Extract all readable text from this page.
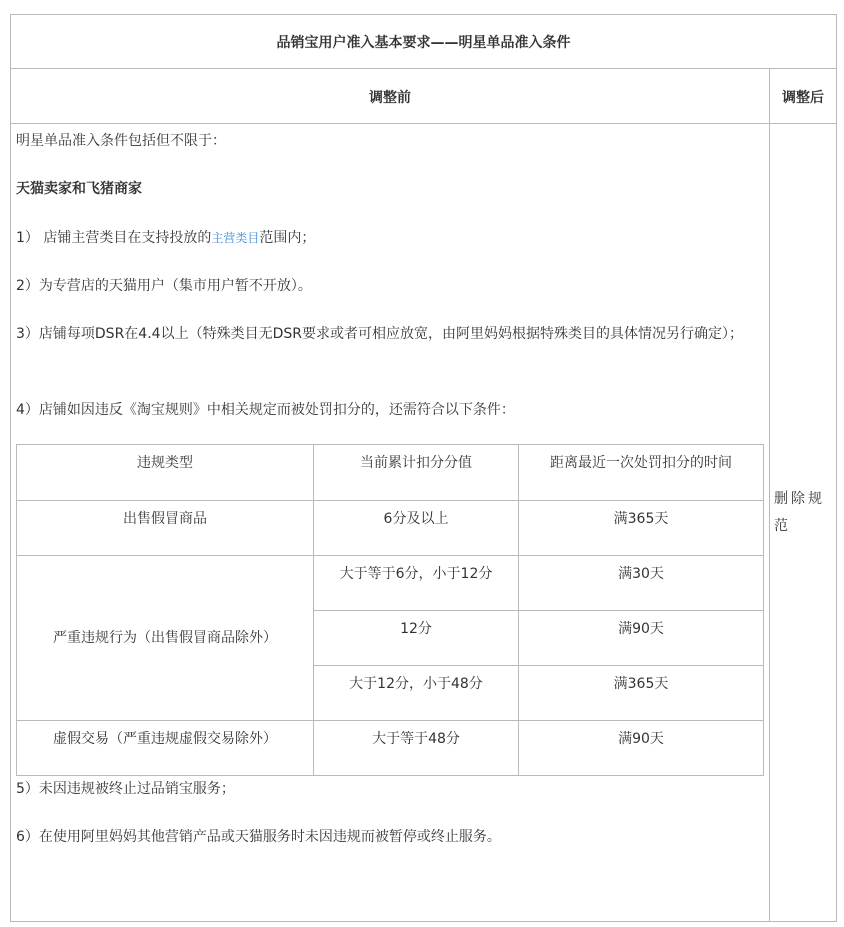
品销宝用户准入基本要求——明星单品准入条件
调整前	调整后

明星单品准入条件包括但不限于：

天猫卖家和飞猪商家

1） 店铺主营类目在支持投放的主营类目范围内；

2）为专营店的天猫用户（集市用户暂不开放）。

3）店铺每项DSR在4.4以上（特殊类目无DSR要求或者可相应放宽，由阿里妈妈根据特殊类目的具体情况另行确定）；

4）店铺如因违反《淘宝规则》中相关规定而被处罚扣分的，还需符合以下条件：

违规类型	当前累计扣分分值	距离最近一次处罚扣分的时间
出售假冒商品	6分及以上	满365天
严重违规行为（出售假冒商品除外）	大于等于6分，小于12分	满30天
	12分	满90天
	大于12分，小于48分	满365天
虚假交易（严重违规虚假交易除外）	大于等于48分	满90天

5）未因违规被终止过品销宝服务；

6）在使用阿里妈妈其他营销产品或天猫服务时未因违规而被暂停或终止服务。

删除规范
